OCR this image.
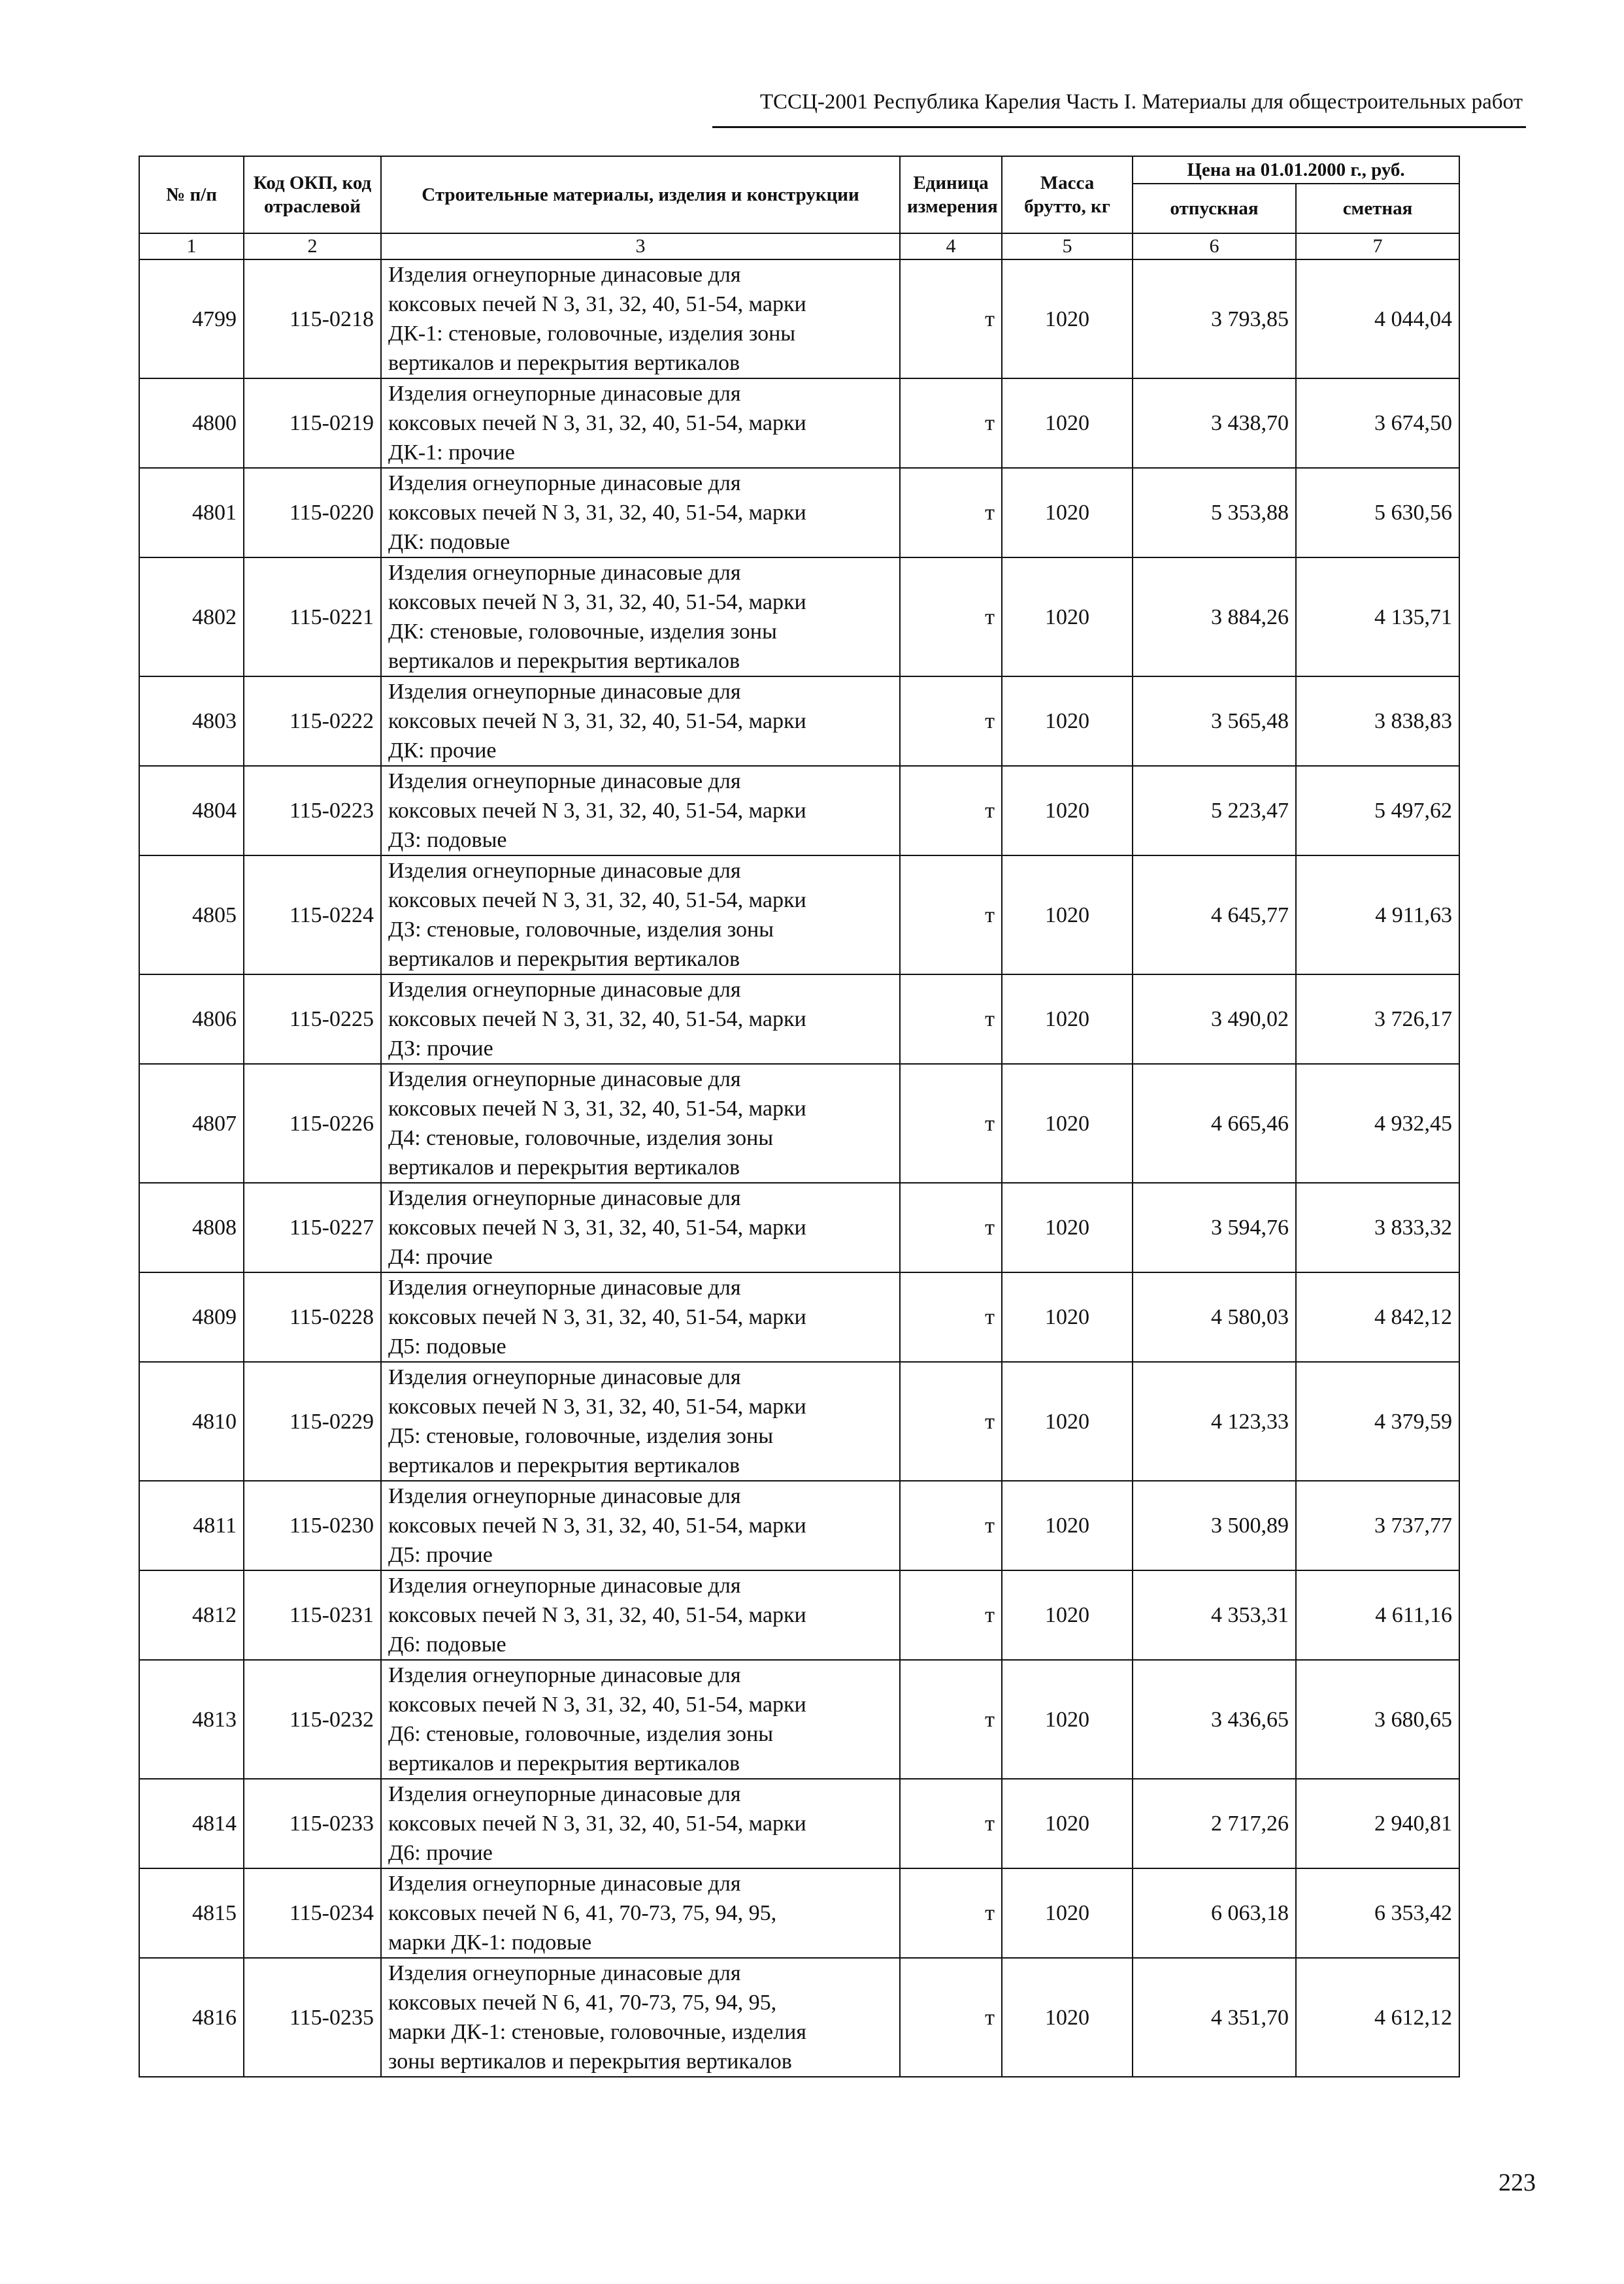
ТССЦ-2001 Республика Карелия Часть I. Материалы для общестроительных работ
№ п/п	Код ОКП, код отраслевой	Строительные материалы, изделия и конструкции	Единица измерения	Масса брутто, кг	Цена на 01.01.2000 г., руб.	
					отпускная	сметная
1	2	3	4	5	6	7
4799	115-0218	Изделия огнеупорные динасовые для
коксовых печей N 3, 31, 32, 40, 51-54, марки
ДК-1: стеновые, головочные, изделия зоны
вертикалов и перекрытия вертикалов	т	1020	3 793,85	4 044,04
4800	115-0219	Изделия огнеупорные динасовые для
коксовых печей N 3, 31, 32, 40, 51-54, марки
ДК-1: прочие	т	1020	3 438,70	3 674,50
4801	115-0220	Изделия огнеупорные динасовые для
коксовых печей N 3, 31, 32, 40, 51-54, марки
ДК: подовые	т	1020	5 353,88	5 630,56
4802	115-0221	Изделия огнеупорные динасовые для
коксовых печей N 3, 31, 32, 40, 51-54, марки
ДК: стеновые, головочные, изделия зоны
вертикалов и перекрытия вертикалов	т	1020	3 884,26	4 135,71
4803	115-0222	Изделия огнеупорные динасовые для
коксовых печей N 3, 31, 32, 40, 51-54, марки
ДК: прочие	т	1020	3 565,48	3 838,83
4804	115-0223	Изделия огнеупорные динасовые для
коксовых печей N 3, 31, 32, 40, 51-54, марки
ДЗ: подовые	т	1020	5 223,47	5 497,62
4805	115-0224	Изделия огнеупорные динасовые для
коксовых печей N 3, 31, 32, 40, 51-54, марки
ДЗ: стеновые, головочные, изделия зоны
вертикалов и перекрытия вертикалов	т	1020	4 645,77	4 911,63
4806	115-0225	Изделия огнеупорные динасовые для
коксовых печей N 3, 31, 32, 40, 51-54, марки
ДЗ: прочие	т	1020	3 490,02	3 726,17
4807	115-0226	Изделия огнеупорные динасовые для
коксовых печей N 3, 31, 32, 40, 51-54, марки
Д4: стеновые, головочные, изделия зоны
вертикалов и перекрытия вертикалов	т	1020	4 665,46	4 932,45
4808	115-0227	Изделия огнеупорные динасовые для
коксовых печей N 3, 31, 32, 40, 51-54, марки
Д4: прочие	т	1020	3 594,76	3 833,32
4809	115-0228	Изделия огнеупорные динасовые для
коксовых печей N 3, 31, 32, 40, 51-54, марки
Д5: подовые	т	1020	4 580,03	4 842,12
4810	115-0229	Изделия огнеупорные динасовые для
коксовых печей N 3, 31, 32, 40, 51-54, марки
Д5: стеновые, головочные, изделия зоны
вертикалов и перекрытия вертикалов	т	1020	4 123,33	4 379,59
4811	115-0230	Изделия огнеупорные динасовые для
коксовых печей N 3, 31, 32, 40, 51-54, марки
Д5: прочие	т	1020	3 500,89	3 737,77
4812	115-0231	Изделия огнеупорные динасовые для
коксовых печей N 3, 31, 32, 40, 51-54, марки
Д6: подовые	т	1020	4 353,31	4 611,16
4813	115-0232	Изделия огнеупорные динасовые для
коксовых печей N 3, 31, 32, 40, 51-54, марки
Д6: стеновые, головочные, изделия зоны
вертикалов и перекрытия вертикалов	т	1020	3 436,65	3 680,65
4814	115-0233	Изделия огнеупорные динасовые для
коксовых печей N 3, 31, 32, 40, 51-54, марки
Д6: прочие	т	1020	2 717,26	2 940,81
4815	115-0234	Изделия огнеупорные динасовые для
коксовых печей N 6, 41, 70-73, 75, 94, 95,
марки ДК-1: подовые	т	1020	6 063,18	6 353,42
4816	115-0235	Изделия огнеупорные динасовые для
коксовых печей N 6, 41, 70-73, 75, 94, 95,
марки ДК-1: стеновые, головочные, изделия
зоны вертикалов и перекрытия вертикалов	т	1020	4 351,70	4 612,12
223
